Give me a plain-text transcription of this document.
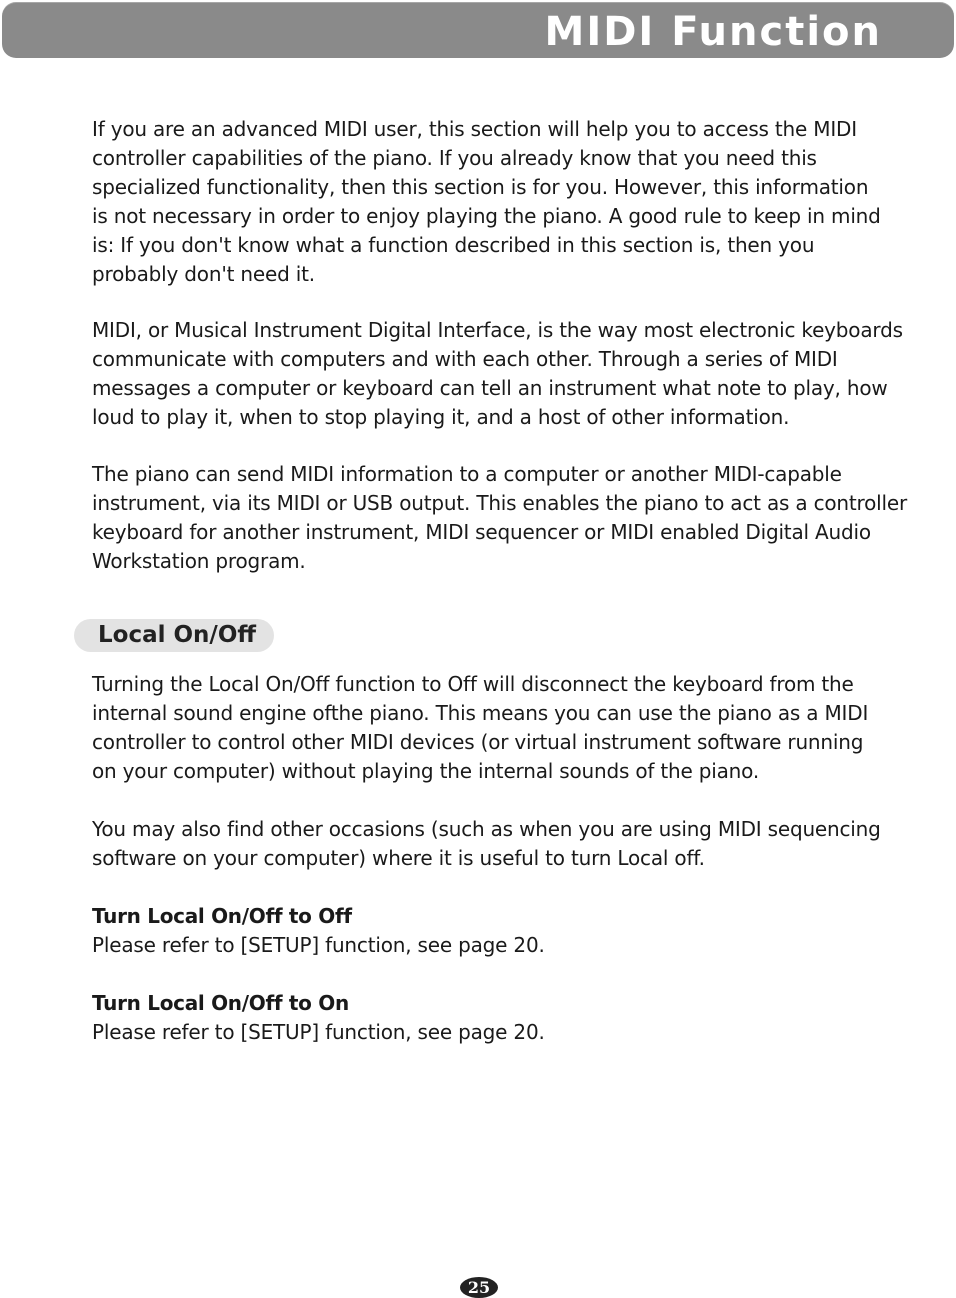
MIDI Function

If you are an advanced MIDI user, this section will help you to access the MIDI
controller capabilities of the piano. If you already know that you need this
specialized functionality, then this section is for you. However, this information
is not necessary in order to enjoy playing the piano. A good rule to keep in mind
is: If you don't know what a function described in this section is, then you
probably don't need it.

MIDI, or Musical Instrument Digital Interface, is the way most electronic keyboards
communicate with computers and with each other. Through a series of MIDI
messages a computer or keyboard can tell an instrument what note to play, how
loud to play it, when to stop playing it, and a host of other information.

The piano can send MIDI information to a computer or another MIDI-capable
instrument, via its MIDI or USB output. This enables the piano to act as a controller
keyboard for another instrument, MIDI sequencer or MIDI enabled Digital Audio
Workstation program.

Local On/Off

Turning the Local On/Off function to Off will disconnect the keyboard from the
internal sound engine ofthe piano. This means you can use the piano as a MIDI
controller to control other MIDI devices (or virtual instrument software running
on your computer) without playing the internal sounds of the piano.

You may also find other occasions (such as when you are using MIDI sequencing
software on your computer) where it is useful to turn Local off.

Turn Local On/Off to Off
Please refer to [SETUP] function, see page 20.
Turn Local On/Off to On
Please refer to [SETUP] function, see page 20.
25
